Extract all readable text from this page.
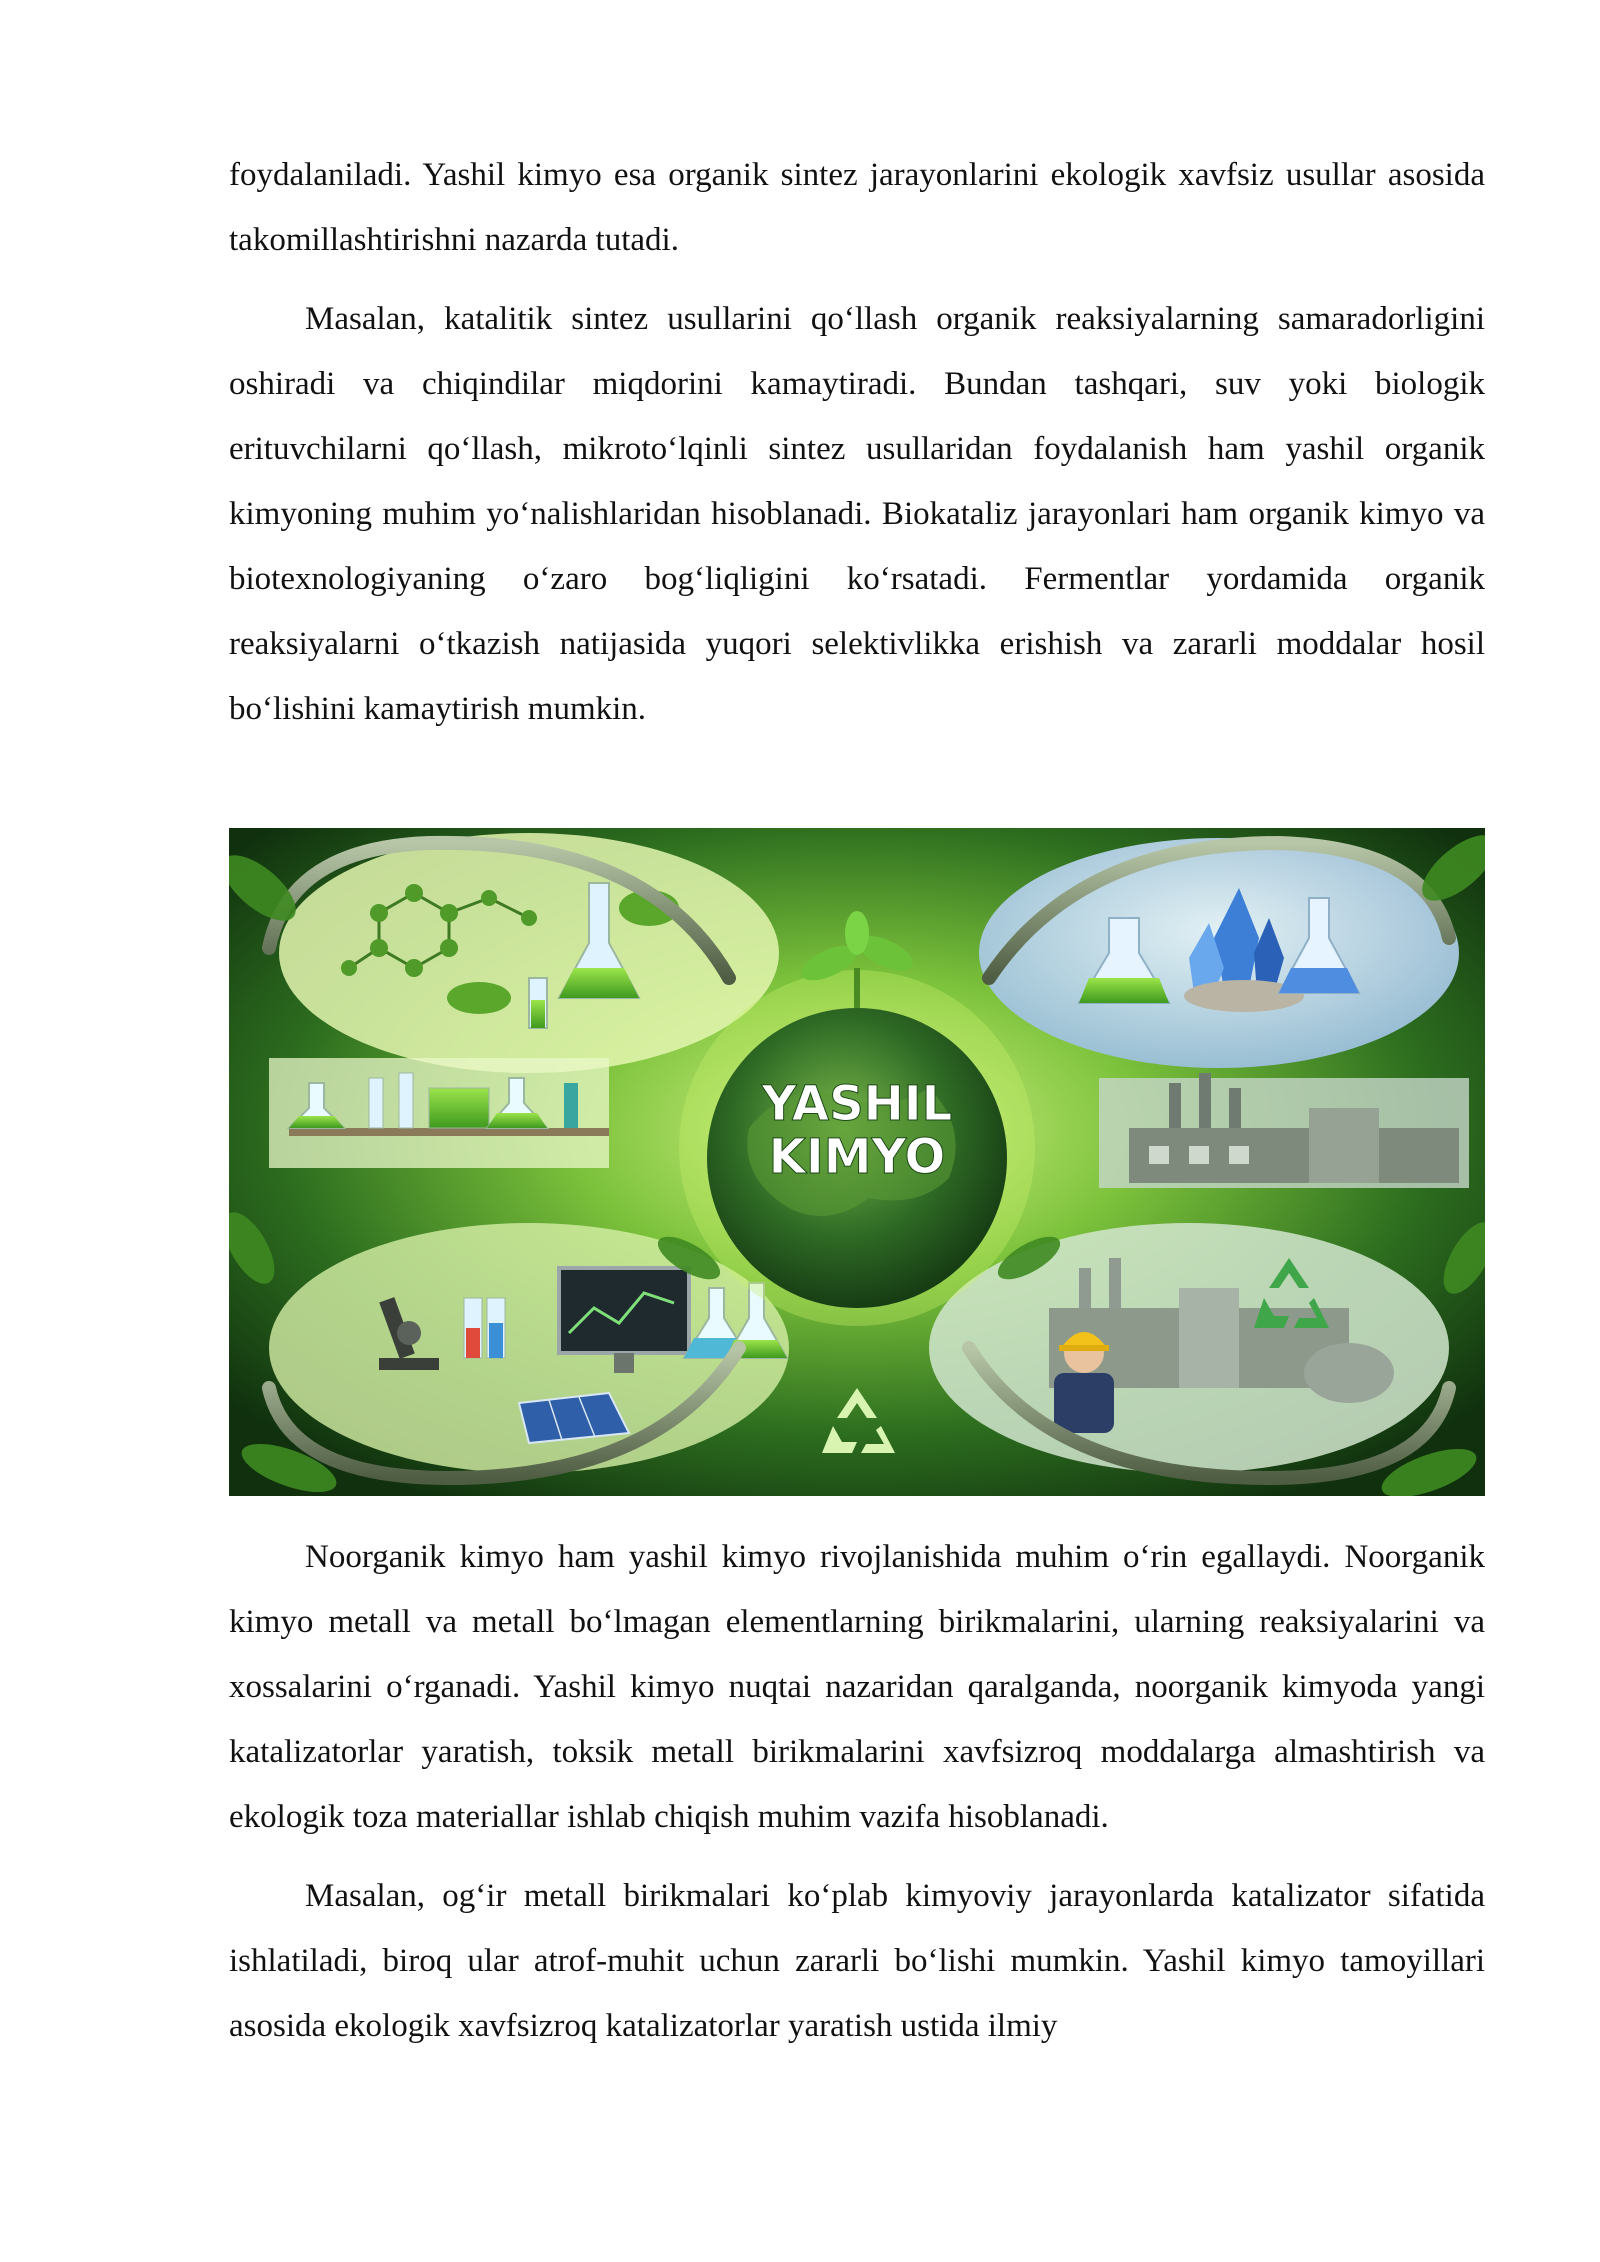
foydalaniladi. Yashil kimyo esa organik sintez jarayonlarini ekologik xavfsiz usullar asosida takomillashtirishni nazarda tutadi.

Masalan, katalitik sintez usullarini qo‘llash organik reaksiyalarning samaradorligini oshiradi va chiqindilar miqdorini kamaytiradi. Bundan tashqari, suv yoki biologik erituvchilarni qo‘llash, mikroto‘lqinli sintez usullaridan foydalanish ham yashil organik kimyoning muhim yo‘nalishlaridan hisoblanadi. Biokataliz jarayonlari ham organik kimyo va biotexnologiyaning o‘zaro bog‘liqligini ko‘rsatadi. Fermentlar yordamida organik reaksiyalarni o‘tkazish natijasida yuqori selektivlikka erishish va zararli moddalar hosil bo‘lishini kamaytirish mumkin.

YASHIL
KIMYO

Noorganik kimyo ham yashil kimyo rivojlanishida muhim o‘rin egallaydi. Noorganik kimyo metall va metall bo‘lmagan elementlarning birikmalarini, ularning reaksiyalarini va xossalarini o‘rganadi. Yashil kimyo nuqtai nazaridan qaralganda, noorganik kimyoda yangi katalizatorlar yaratish, toksik metall birikmalarini xavfsizroq moddalarga almashtirish va ekologik toza materiallar ishlab chiqish muhim vazifa hisoblanadi.

Masalan, og‘ir metall birikmalari ko‘plab kimyoviy jarayonlarda katalizator sifatida ishlatiladi, biroq ular atrof-muhit uchun zararli bo‘lishi mumkin. Yashil kimyo tamoyillari asosida ekologik xavfsizroq katalizatorlar yaratish ustida ilmiy
